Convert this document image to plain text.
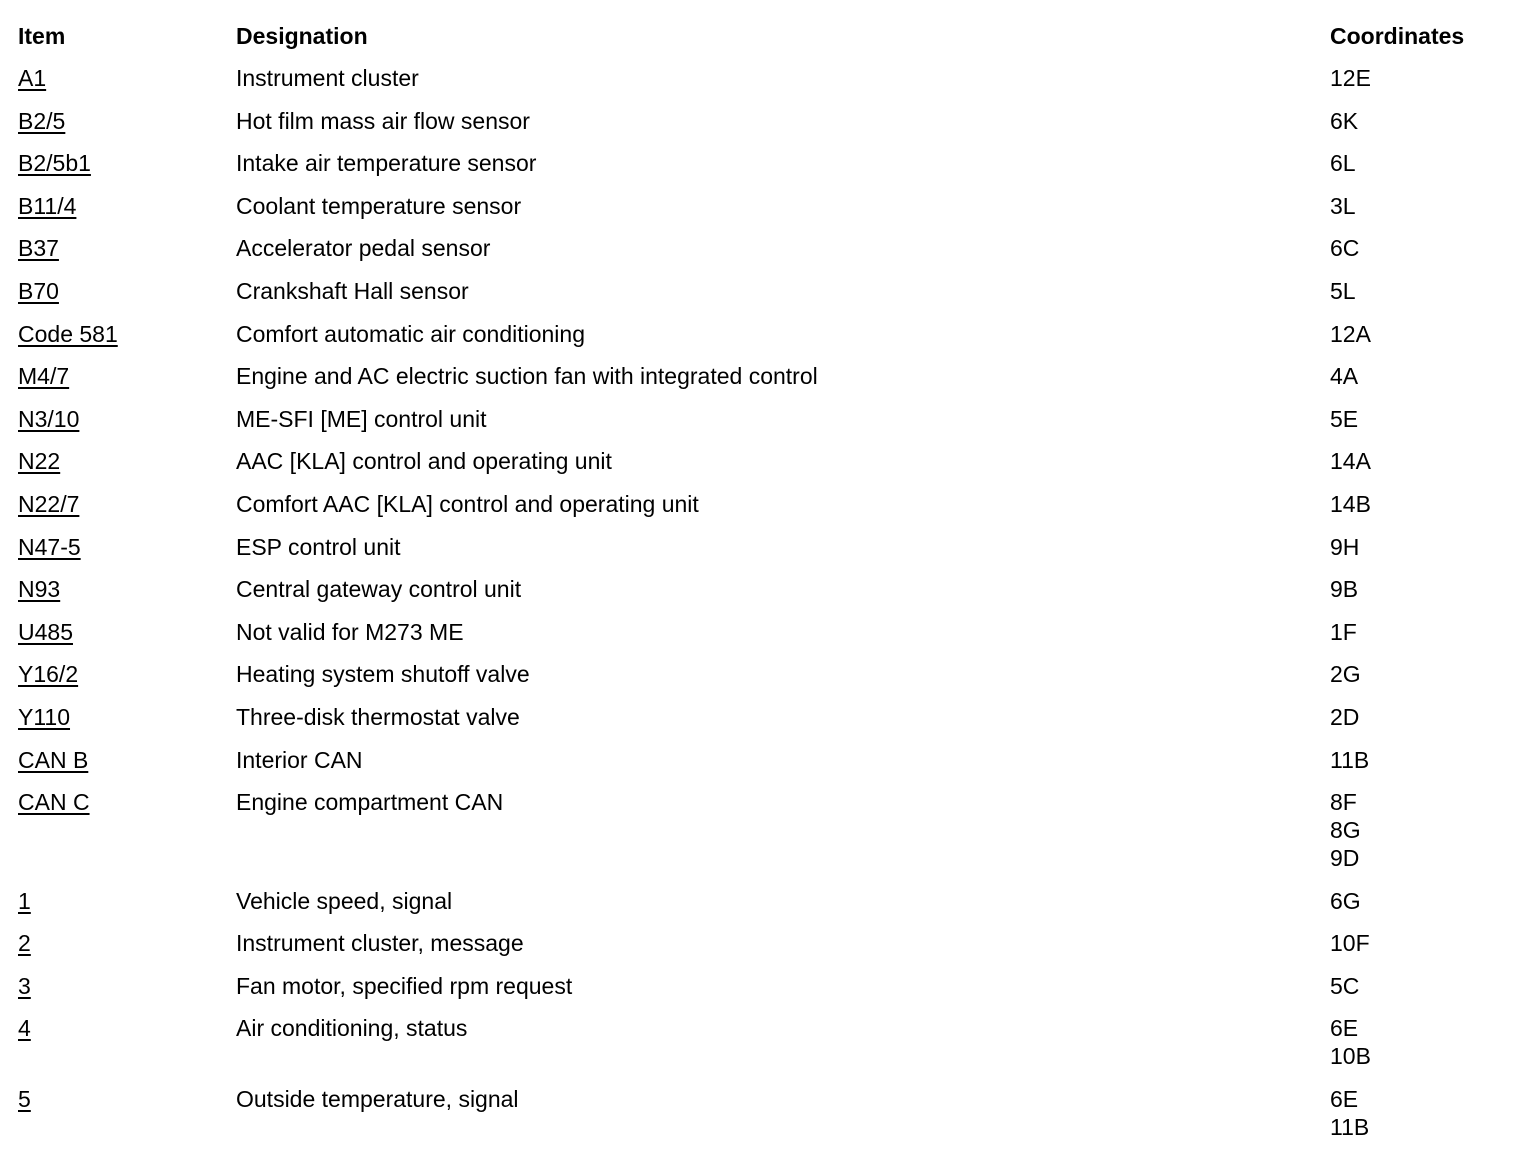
Item	Designation	Coordinates
A1	Instrument cluster	12E
B2/5	Hot film mass air flow sensor	6K
B2/5b1	Intake air temperature sensor	6L
B11/4	Coolant temperature sensor	3L
B37	Accelerator pedal sensor	6C
B70	Crankshaft Hall sensor	5L
Code 581	Comfort automatic air conditioning	12A
M4/7	Engine and AC electric suction fan with integrated control	4A
N3/10	ME-SFI [ME] control unit	5E
N22	AAC [KLA] control and operating unit	14A
N22/7	Comfort AAC [KLA] control and operating unit	14B
N47-5	ESP control unit	9H
N93	Central gateway control unit	9B
U485	Not valid for M273 ME	1F
Y16/2	Heating system shutoff valve	2G
Y110	Three-disk thermostat valve	2D
CAN B	Interior CAN	11B
CAN C	Engine compartment CAN	8F
8G
9D
1	Vehicle speed, signal	6G
2	Instrument cluster, message	10F
3	Fan motor, specified rpm request	5C
4	Air conditioning, status	6E
10B
5	Outside temperature, signal	6E
11B
